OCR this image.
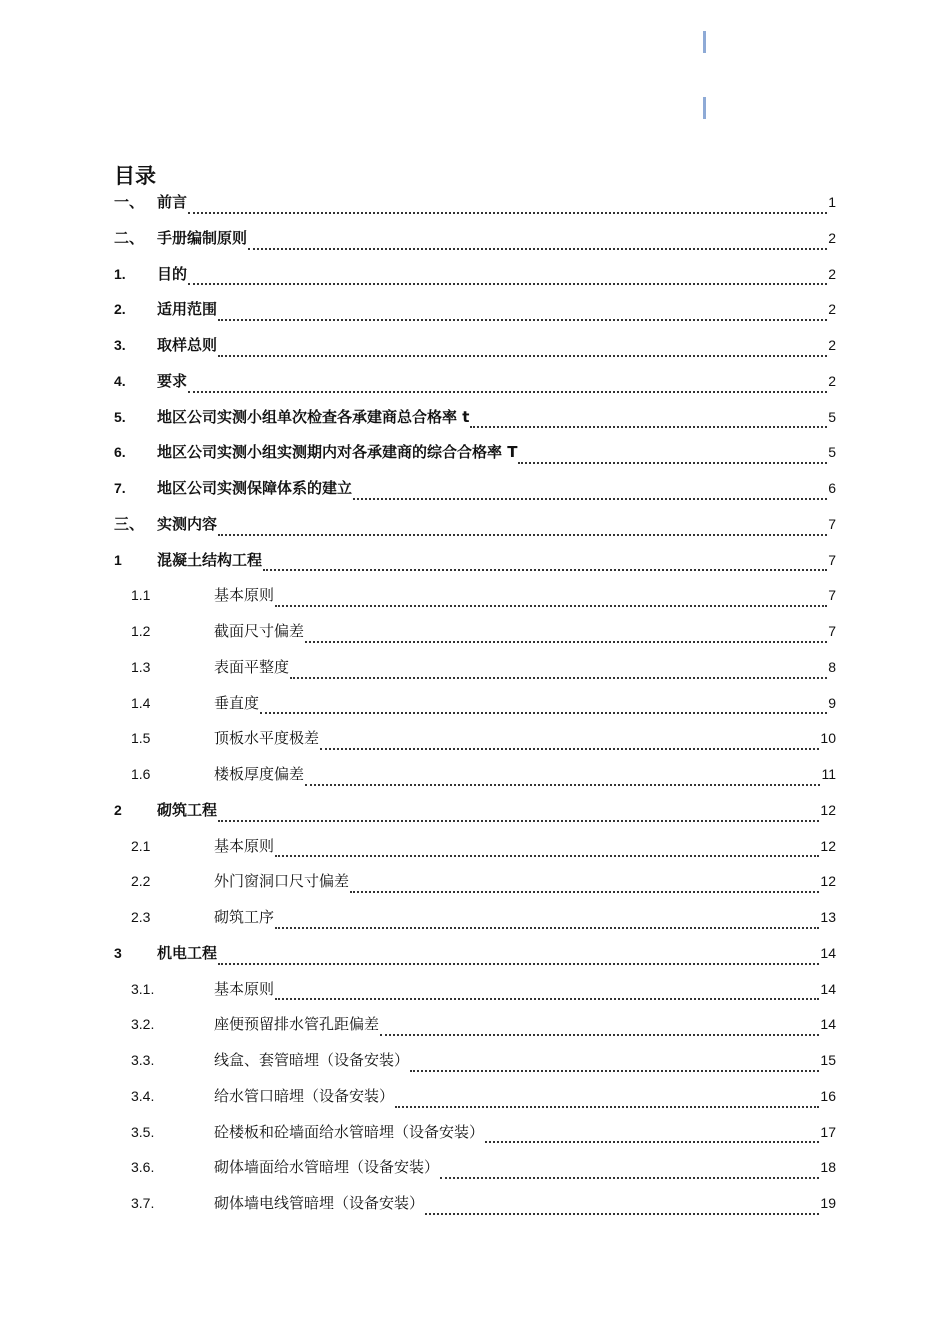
目录
一、 前言	1
二、 手册编制原则	2
1.	目的	2
2.	适用范围	2
3.	取样总则	2
4.	要求	2
5.	地区公司实测小组单次检查各承建商总合格率 t	5
6.	地区公司实测小组实测期内对各承建商的综合合格率 T	5
7.	地区公司实测保障体系的建立	6
三、 实测内容	7
1	混凝土结构工程	7
1.1	基本原则	7
1.2	截面尺寸偏差	7
1.3	表面平整度	8
1.4	垂直度	9
1.5	顶板水平度极差	10
1.6	楼板厚度偏差	11
2	砌筑工程	12
2.1	基本原则	12
2.2	外门窗洞口尺寸偏差	12
2.3	砌筑工序	13
3	机电工程	14
3.1.	基本原则	14
3.2.	座便预留排水管孔距偏差	14
3.3.	线盒、套管暗埋（设备安装）	15
3.4.	给水管口暗埋（设备安装）	16
3.5.	砼楼板和砼墙面给水管暗埋（设备安装）	17
3.6.	砌体墙面给水管暗埋（设备安装）	18
3.7.	砌体墙电线管暗埋（设备安装）	19
